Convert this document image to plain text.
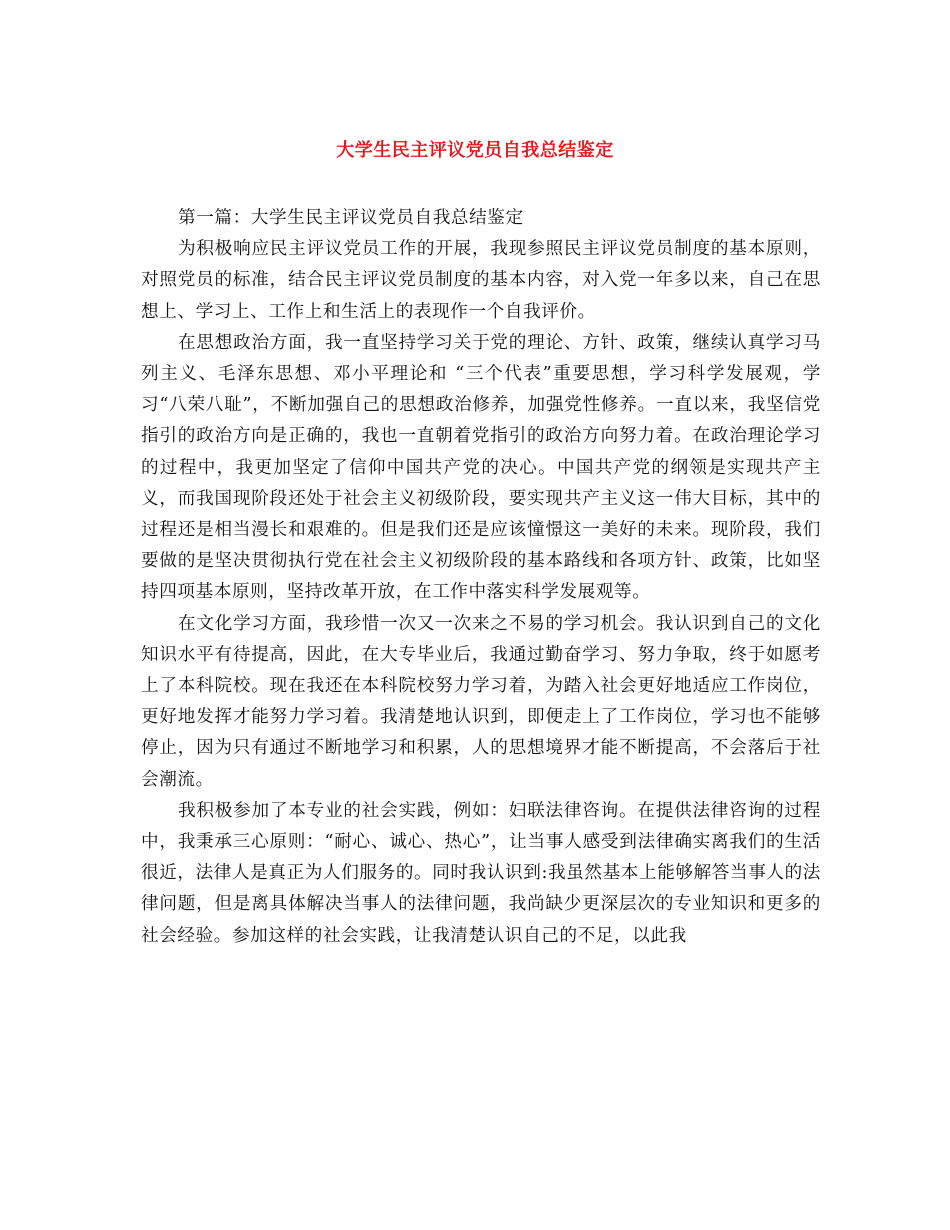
大学生民主评议党员自我总结鉴定

第一篇：大学生民主评议党员自我总结鉴定

为积极响应民主评议党员工作的开展，我现参照民主评议党员制度的基本原则，对照党员的标准，结合民主评议党员制度的基本内容，对入党一年多以来，自己在思想上、学习上、工作上和生活上的表现作一个自我评价。

在思想政治方面，我一直坚持学习关于党的理论、方针、政策，继续认真学习马列主义、毛泽东思想、邓小平理论和 “三个代表”重要思想，学习科学发展观，学习“八荣八耻”，不断加强自己的思想政治修养，加强党性修养。一直以来，我坚信党指引的政治方向是正确的，我也一直朝着党指引的政治方向努力着。在政治理论学习的过程中，我更加坚定了信仰中国共产党的决心。中国共产党的纲领是实现共产主义，而我国现阶段还处于社会主义初级阶段，要实现共产主义这一伟大目标，其中的过程还是相当漫长和艰难的。但是我们还是应该憧憬这一美好的未来。现阶段，我们要做的是坚决贯彻执行党在社会主义初级阶段的基本路线和各项方针、政策，比如坚持四项基本原则，坚持改革开放，在工作中落实科学发展观等。

在文化学习方面，我珍惜一次又一次来之不易的学习机会。我认识到自己的文化知识水平有待提高，因此，在大专毕业后，我通过勤奋学习、努力争取，终于如愿考上了本科院校。现在我还在本科院校努力学习着，为踏入社会更好地适应工作岗位，更好地发挥才能努力学习着。我清楚地认识到，即便走上了工作岗位，学习也不能够停止，因为只有通过不断地学习和积累，人的思想境界才能不断提高，不会落后于社会潮流。

我积极参加了本专业的社会实践，例如：妇联法律咨询。在提供法律咨询的过程中，我秉承三心原则：“耐心、诚心、热心”，让当事人感受到法律确实离我们的生活很近，法律人是真正为人们服务的。同时我认识到:我虽然基本上能够解答当事人的法律问题，但是离具体解决当事人的法律问题，我尚缺少更深层次的专业知识和更多的社会经验。参加这样的社会实践，让我清楚认识自己的不足，以此我
